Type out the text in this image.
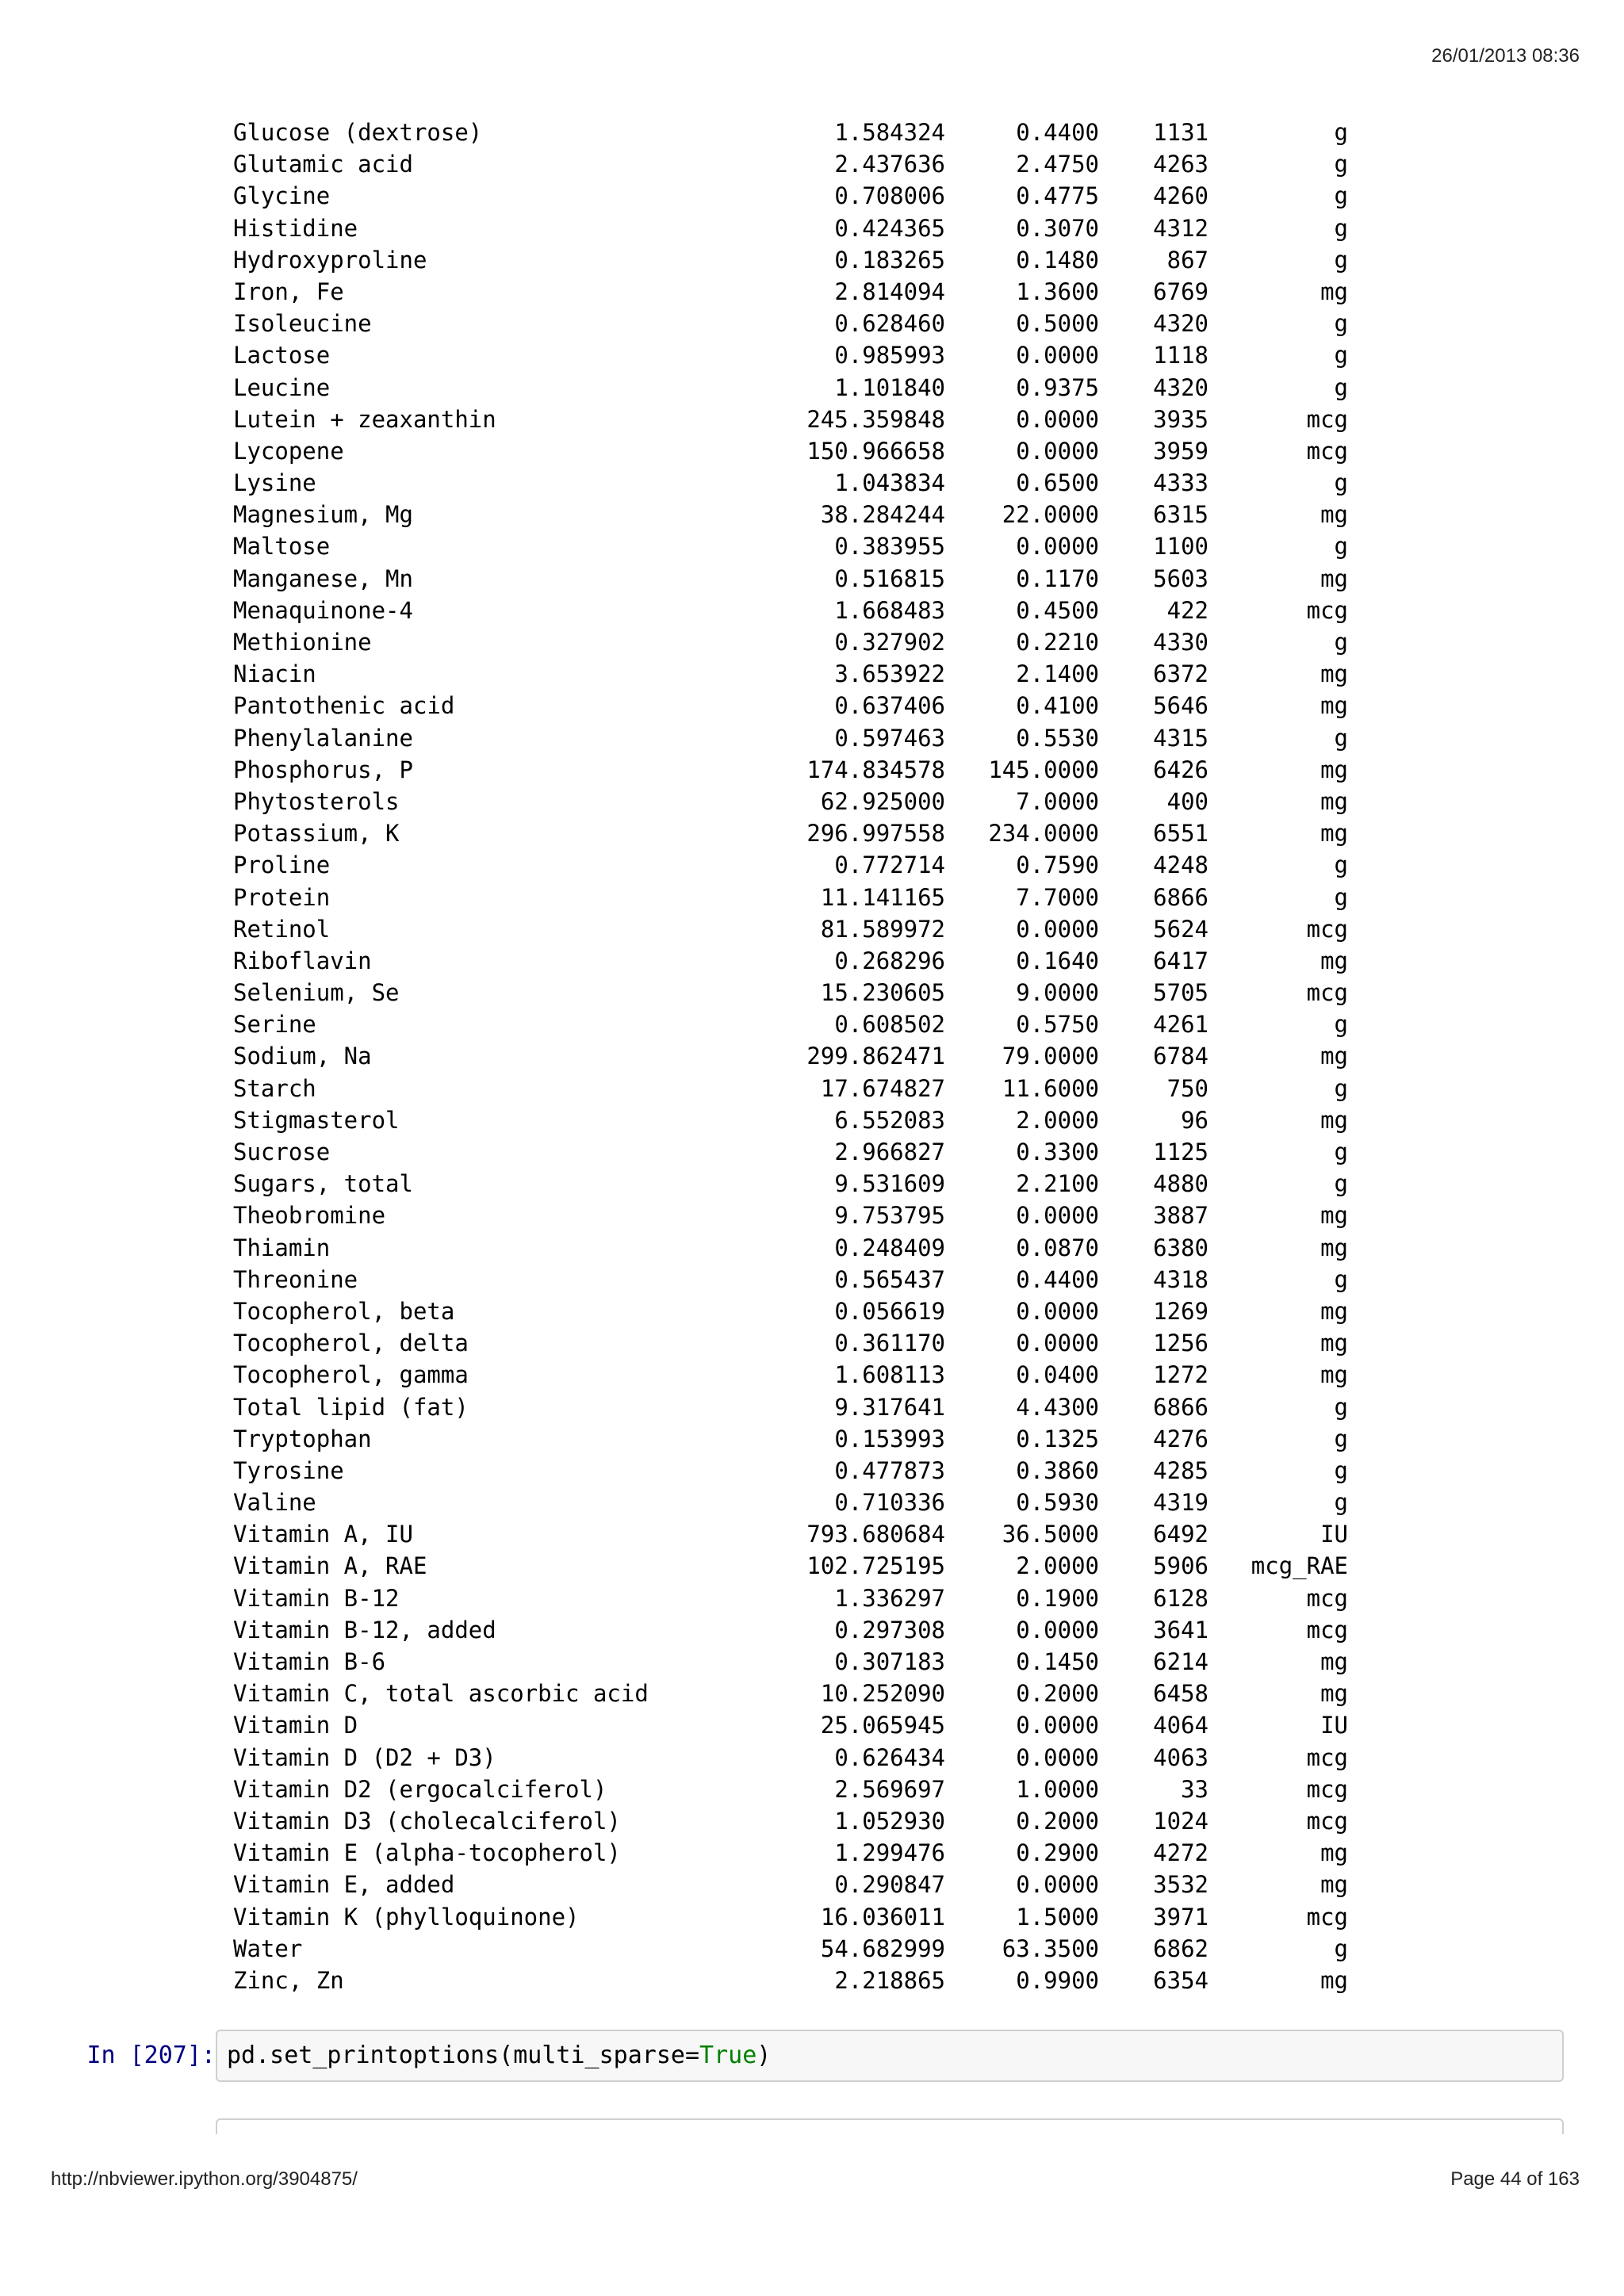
26/01/2013 08:36
Glucose (dextrose)	1.584324	0.4400	1131	g
Glutamic acid	2.437636	2.4750	4263	g
Glycine	0.708006	0.4775	4260	g
Histidine	0.424365	0.3070	4312	g
Hydroxyproline	0.183265	0.1480	867	g
Iron, Fe	2.814094	1.3600	6769	mg
Isoleucine	0.628460	0.5000	4320	g
Lactose	0.985993	0.0000	1118	g
Leucine	1.101840	0.9375	4320	g
Lutein + zeaxanthin	245.359848	0.0000	3935	mcg
Lycopene	150.966658	0.0000	3959	mcg
Lysine	1.043834	0.6500	4333	g
Magnesium, Mg	38.284244	22.0000	6315	mg
Maltose	0.383955	0.0000	1100	g
Manganese, Mn	0.516815	0.1170	5603	mg
Menaquinone-4	1.668483	0.4500	422	mcg
Methionine	0.327902	0.2210	4330	g
Niacin	3.653922	2.1400	6372	mg
Pantothenic acid	0.637406	0.4100	5646	mg
Phenylalanine	0.597463	0.5530	4315	g
Phosphorus, P	174.834578	145.0000	6426	mg
Phytosterols	62.925000	7.0000	400	mg
Potassium, K	296.997558	234.0000	6551	mg
Proline	0.772714	0.7590	4248	g
Protein	11.141165	7.7000	6866	g
Retinol	81.589972	0.0000	5624	mcg
Riboflavin	0.268296	0.1640	6417	mg
Selenium, Se	15.230605	9.0000	5705	mcg
Serine	0.608502	0.5750	4261	g
Sodium, Na	299.862471	79.0000	6784	mg
Starch	17.674827	11.6000	750	g
Stigmasterol	6.552083	2.0000	96	mg
Sucrose	2.966827	0.3300	1125	g
Sugars, total	9.531609	2.2100	4880	g
Theobromine	9.753795	0.0000	3887	mg
Thiamin	0.248409	0.0870	6380	mg
Threonine	0.565437	0.4400	4318	g
Tocopherol, beta	0.056619	0.0000	1269	mg
Tocopherol, delta	0.361170	0.0000	1256	mg
Tocopherol, gamma	1.608113	0.0400	1272	mg
Total lipid (fat)	9.317641	4.4300	6866	g
Tryptophan	0.153993	0.1325	4276	g
Tyrosine	0.477873	0.3860	4285	g
Valine	0.710336	0.5930	4319	g
Vitamin A, IU	793.680684	36.5000	6492	IU
Vitamin A, RAE	102.725195	2.0000	5906	mcg_RAE
Vitamin B-12	1.336297	0.1900	6128	mcg
Vitamin B-12, added	0.297308	0.0000	3641	mcg
Vitamin B-6	0.307183	0.1450	6214	mg
Vitamin C, total ascorbic acid	10.252090	0.2000	6458	mg
Vitamin D	25.065945	0.0000	4064	IU
Vitamin D (D2 + D3)	0.626434	0.0000	4063	mcg
Vitamin D2 (ergocalciferol)	2.569697	1.0000	33	mcg
Vitamin D3 (cholecalciferol)	1.052930	0.2000	1024	mcg
Vitamin E (alpha-tocopherol)	1.299476	0.2900	4272	mg
Vitamin E, added	0.290847	0.0000	3532	mg
Vitamin K (phylloquinone)	16.036011	1.5000	3971	mcg
Water	54.682999	63.3500	6862	g
Zinc, Zn	2.218865	0.9900	6354	mg
In [207]: pd.set_printoptions(multi_sparse=True)
http://nbviewer.ipython.org/3904875/	Page 44 of 163
